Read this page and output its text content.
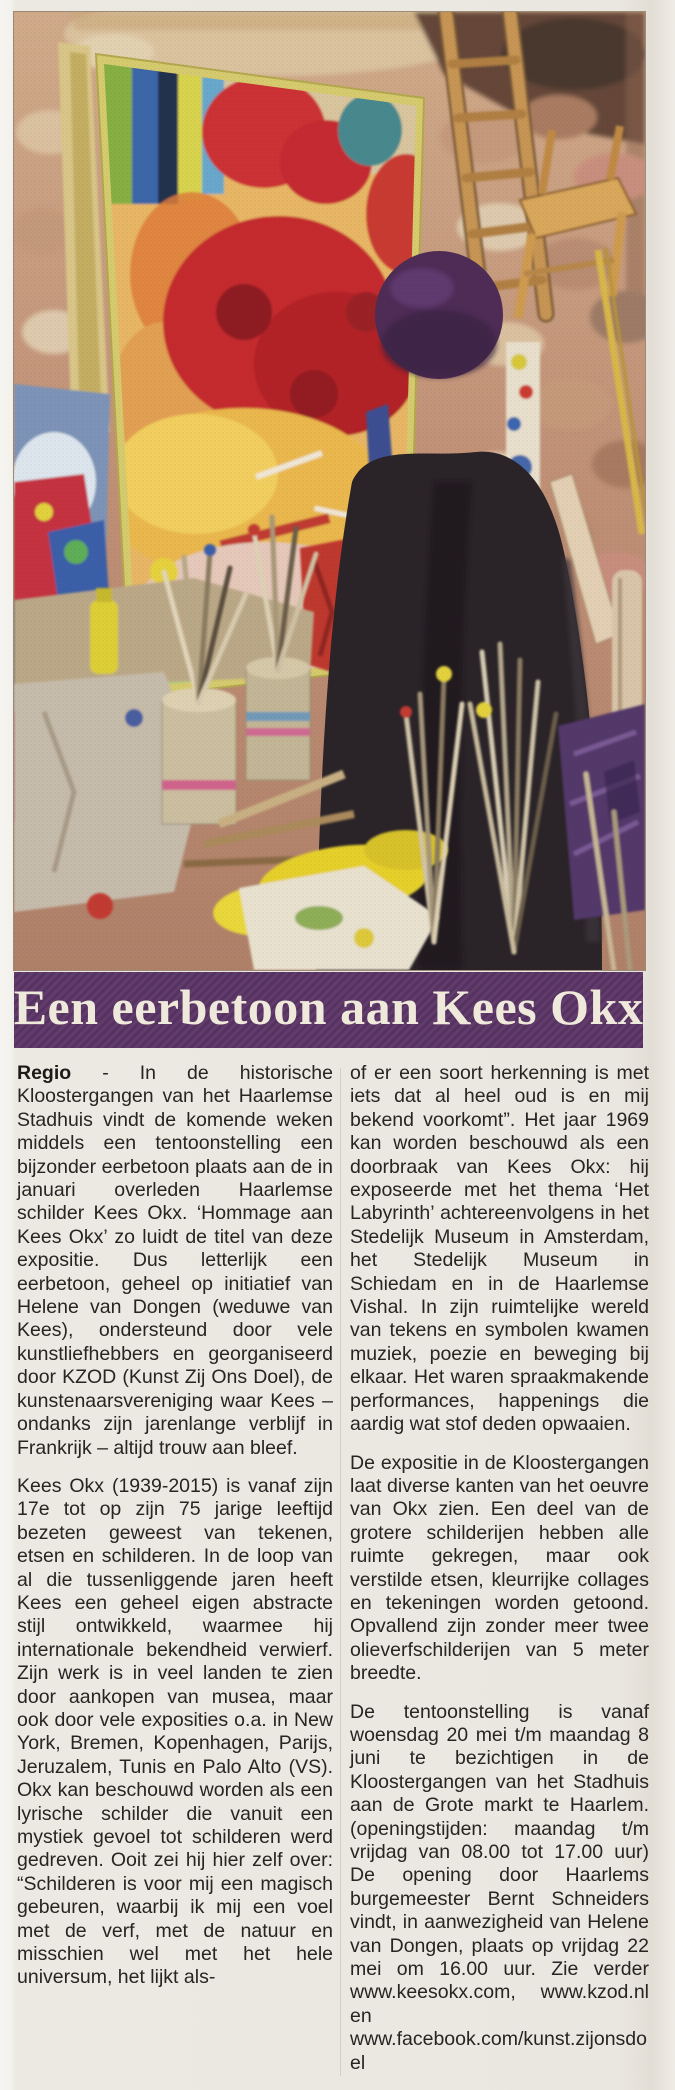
Een eerbetoon aan Kees Okx

Regio - In de historische Kloostergangen van het Haarlemse Stadhuis vindt de komende weken middels een tentoonstelling een bijzonder eerbetoon plaats aan de in januari overleden Haarlemse schilder Kees Okx. ‘Hommage aan Kees Okx’ zo luidt de titel van deze expositie. Dus letterlijk een eerbetoon, geheel op initiatief van Helene van Dongen (weduwe van Kees), ondersteund door vele kunstliefhebbers en georganiseerd door KZOD (Kunst Zij Ons Doel), de kunstenaarsvereniging waar Kees – ondanks zijn jarenlange verblijf in Frankrijk – altijd trouw aan bleef.

Kees Okx (1939-2015) is vanaf zijn 17e tot op zijn 75 jarige leeftijd bezeten geweest van tekenen, etsen en schilderen. In de loop van al die tussenliggende jaren heeft Kees een geheel eigen abstracte stijl ontwikkeld, waarmee hij internationale bekendheid verwierf. Zijn werk is in veel landen te zien door aankopen van musea, maar ook door vele exposities o.a. in New York, Bremen, Kopenhagen, Parijs, Jeruzalem, Tunis en Palo Alto (VS). Okx kan beschouwd worden als een lyrische schilder die vanuit een mystiek gevoel tot schilderen werd gedreven. Ooit zei hij hier zelf over: “Schilderen is voor mij een magisch gebeuren, waarbij ik mij een voel met de verf, met de natuur en misschien wel met het hele universum, het lijkt als-

of er een soort herkenning is met iets dat al heel oud is en mij bekend voorkomt”. Het jaar 1969 kan worden beschouwd als een doorbraak van Kees Okx: hij exposeerde met het thema ‘Het Labyrinth’ achtereenvolgens in het Stedelijk Museum in Amsterdam, het Stedelijk Museum in Schiedam en in de Haarlemse Vishal. In zijn ruimtelijke wereld van tekens en symbolen kwamen muziek, poezie en beweging bij elkaar. Het waren spraakmakende performances, happenings die aardig wat stof deden opwaaien.

De expositie in de Kloostergangen laat diverse kanten van het oeuvre van Okx zien. Een deel van de grotere schilderijen hebben alle ruimte gekregen, maar ook verstilde etsen, kleurrijke collages en tekeningen worden getoond. Opvallend zijn zonder meer twee olieverfschilderijen van 5 meter breedte.

De tentoonstelling is vanaf woensdag 20 mei t/m maandag 8 juni te bezichtigen in de Kloostergangen van het Stadhuis aan de Grote markt te Haarlem.(openingstijden: maandag t/m vrijdag van 08.00 tot 17.00 uur) De opening door Haarlems burgemeester Bernt Schneiders vindt, in aanwezigheid van Helene van Dongen, plaats op vrijdag 22 mei om 16.00 uur. Zie verder www.keesokx.com, www.kzod.nl en www.facebook.com/kunst.zijonsdoel
